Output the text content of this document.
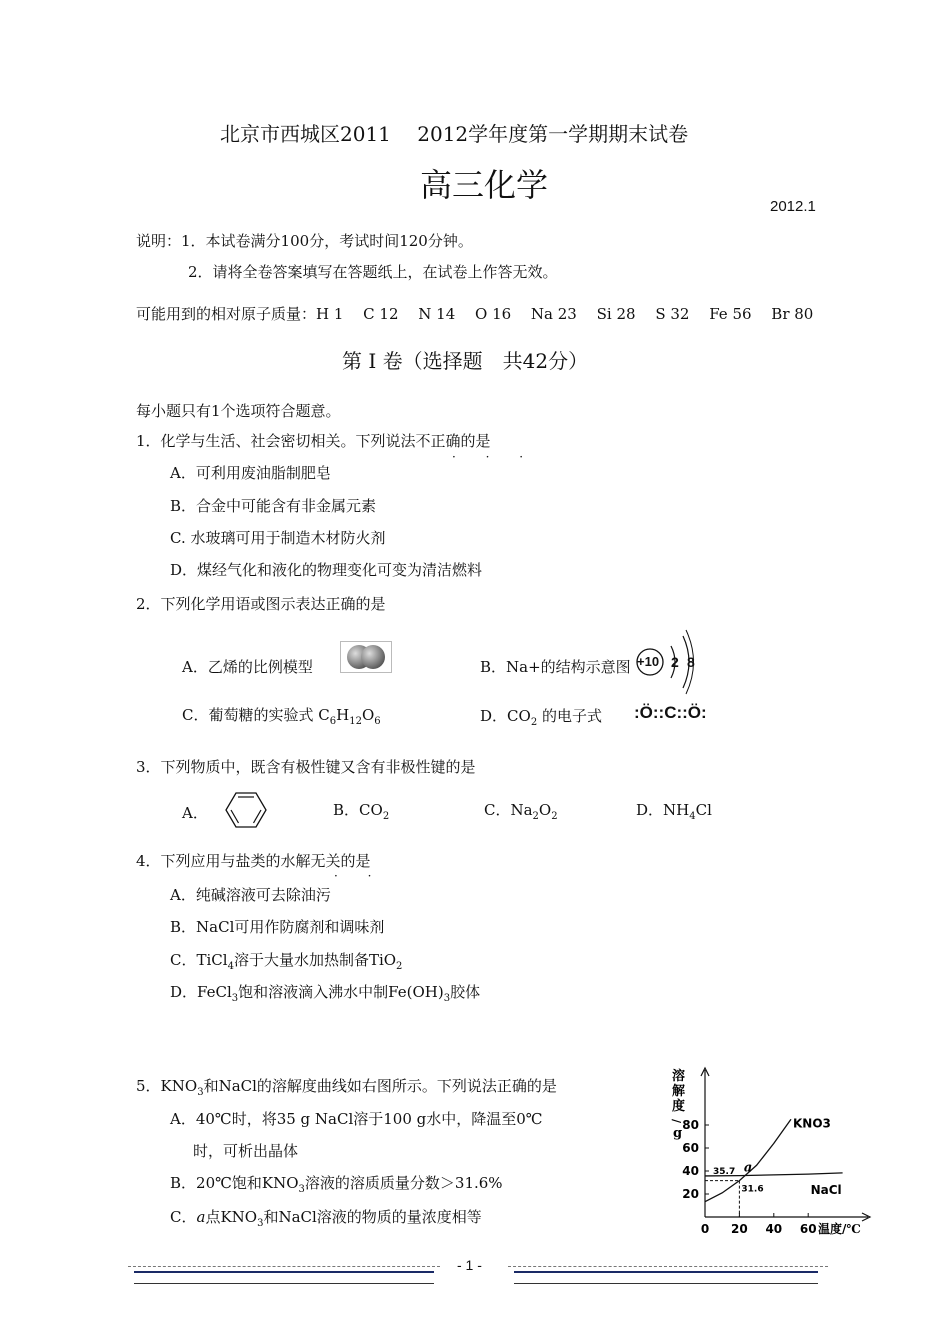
北京市西城区2011　 2012学年度第一学期期末试卷
高三化学
2012.1
说明：1．本试卷满分100分，考试时间120分钟。
2．请将全卷答案填写在答题纸上，在试卷上作答无效。
可能用到的相对原子质量：H 1　 C 12　 N 14　 O 16　 Na 23　 Si 28　 S 32　 Fe 56　 Br 80
第 I 卷（选择题　共42分）
每小题只有1个选项符合题意。
1．化学与生活、社会密切相关。下列说法不正确的是
· · ·
A．可利用废油脂制肥皂
B．合金中可能含有非金属元素
C. 水玻璃可用于制造木材防火剂
D．煤经气化和液化的物理变化可变为清洁燃料
2．下列化学用语或图示表达正确的是
A．乙烯的比例模型	B．Na+的结构示意图 +10 2 8
C．葡萄糖的实验式 $C_6H_{12}O_6$	D．$CO_2$ 的电子式 :Ö::C::Ö:
3．下列物质中，既含有极性键又含有非极性键的是
A．	B．$CO_2$	C．$Na_2O_2$	D．$NH_4Cl$
4．下列应用与盐类的水解无关的是
· ·
A．纯碱溶液可去除油污
B．NaCl可用作防腐剂和调味剂
C．TiCl$_4$溶于大量水加热制备TiO$_2$
D．FeCl$_3$饱和溶液滴入沸水中制$Fe(OH)_3$胶体
5．$KNO_3$和NaCl的溶解度曲线如右图所示。下列说法正确的是
A．40℃时，将35 g NaCl溶于100 g水中，降温至0℃
时，可析出晶体
B．20℃饱和$KNO_3$溶液的溶质质量分数＞31.6%
C．a点$KNO_3$和NaCl溶液的物质的量浓度相等
溶
解
度
/
g
20
40
60
80
0 20 40 60 温度/℃
KNO3
NaCl
35.7 a
31.6
- 1 -
